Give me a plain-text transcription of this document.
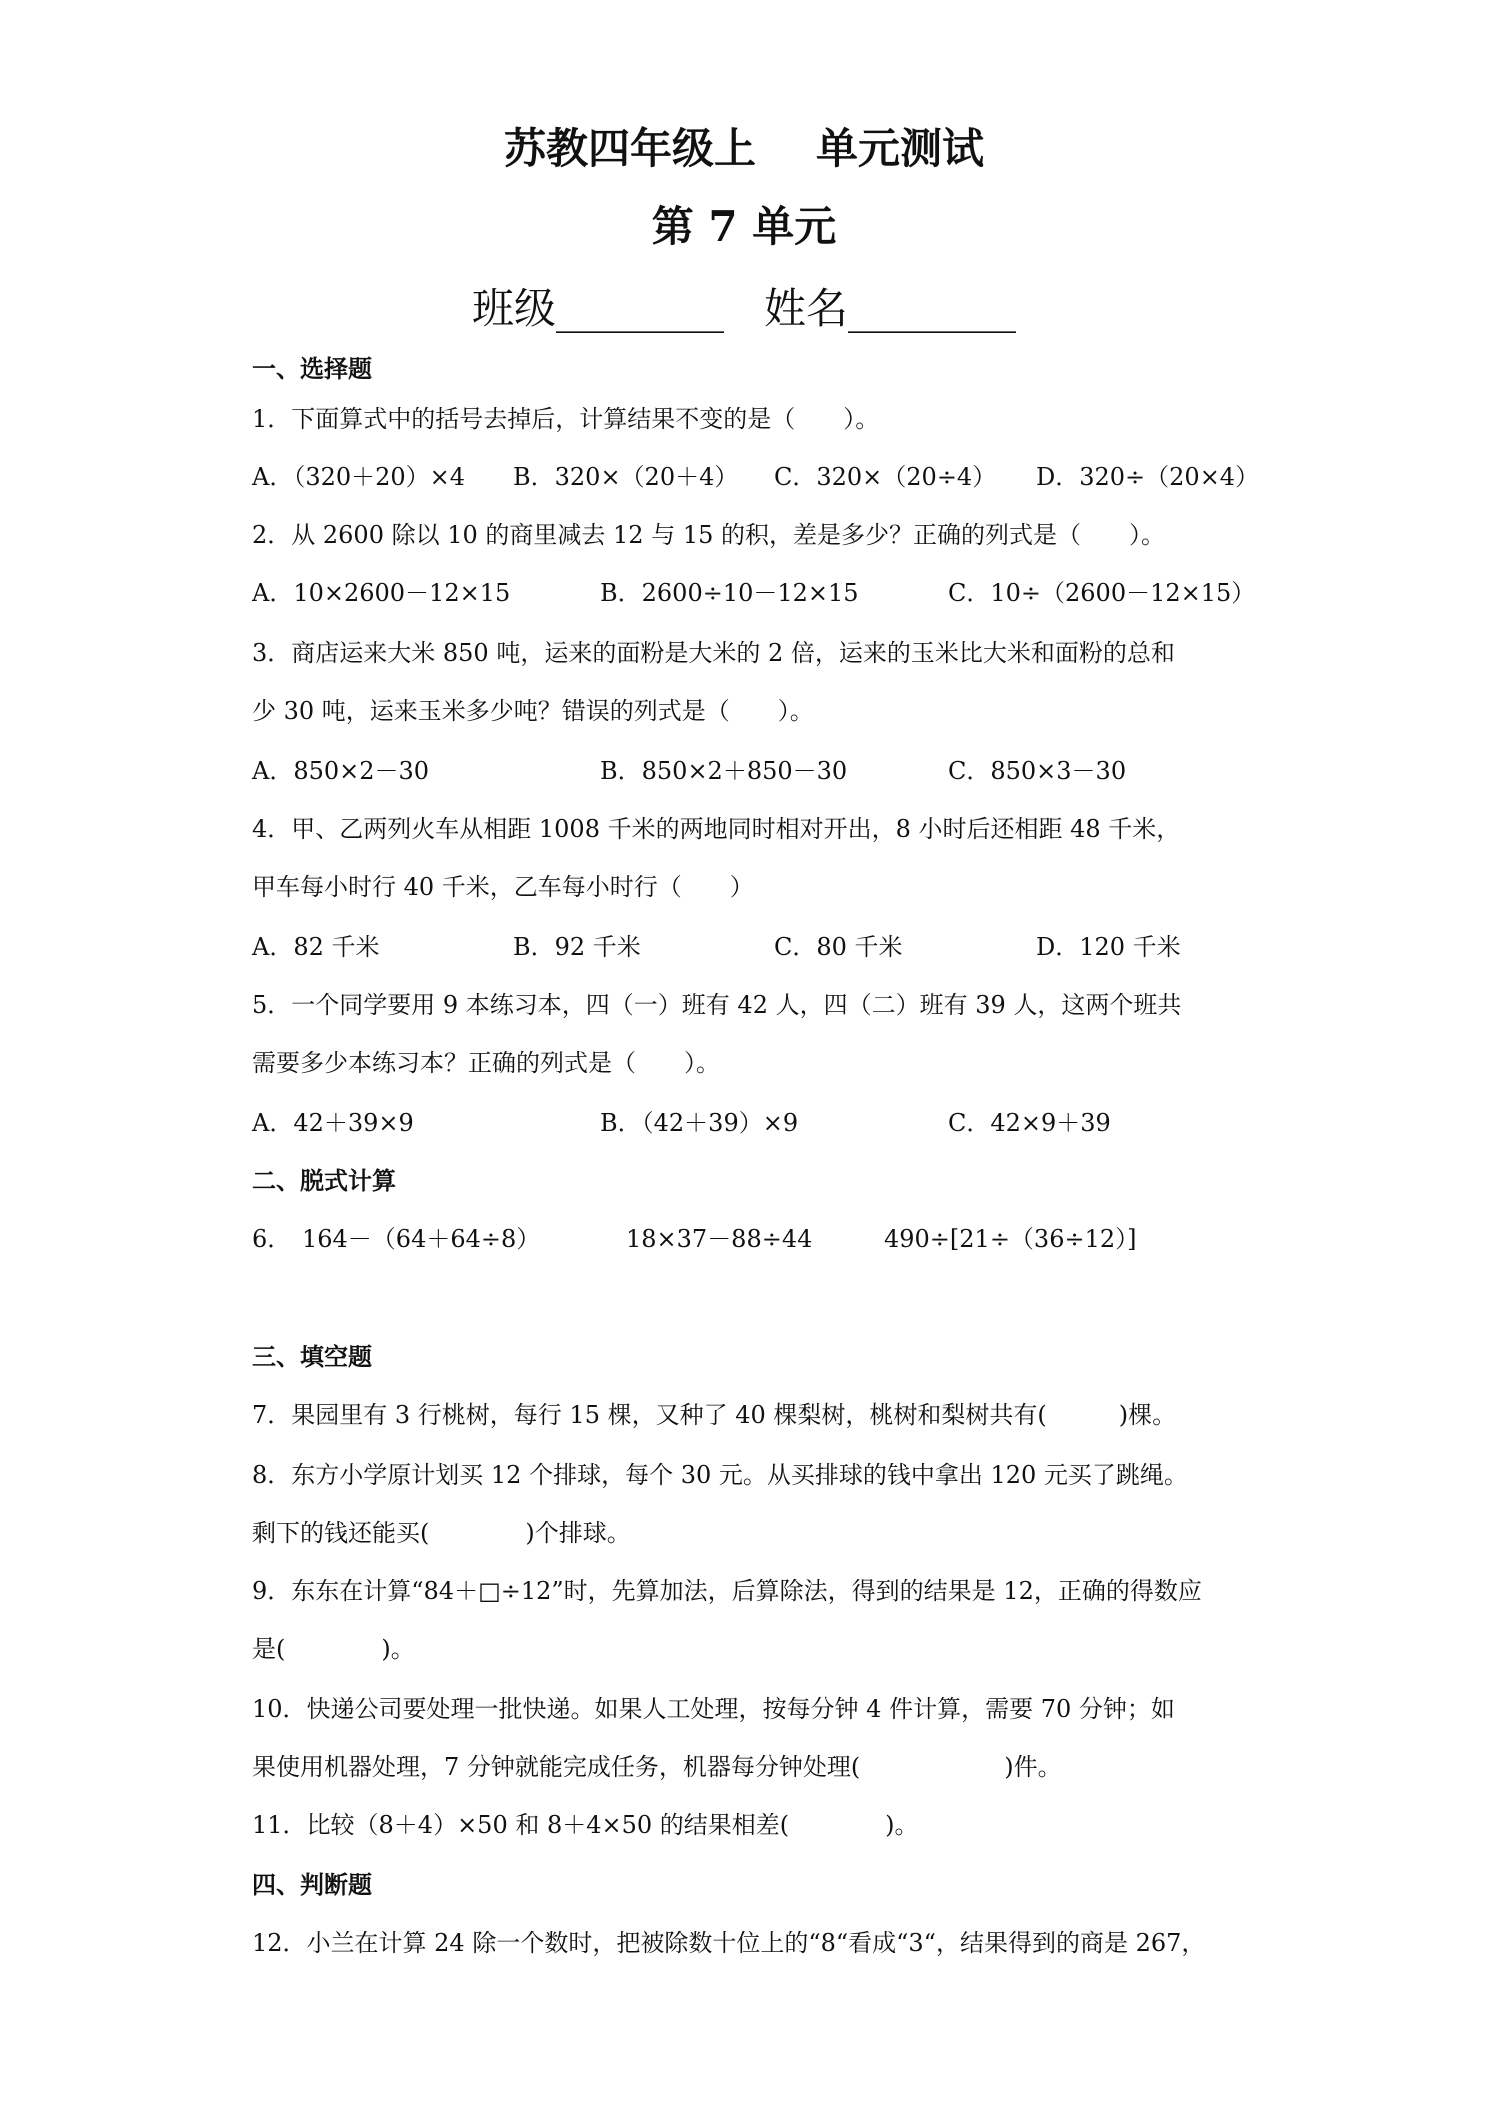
苏教四年级上 单元测试
第 7 单元
班级________ 姓名________
一、选择题
1．下面算式中的括号去掉后，计算结果不变的是（　　）。
A．（320＋20）×4 B．320×（20＋4） C．320×（20÷4） D．320÷（20×4）
2．从 2600 除以 10 的商里减去 12 与 15 的积，差是多少？正确的列式是（　　）。
A．10×2600－12×15	B．2600÷10－12×15	C．10÷（2600－12×15）
3．商店运来大米 850 吨，运来的面粉是大米的 2 倍，运来的玉米比大米和面粉的总和
少 30 吨，运来玉米多少吨？错误的列式是（　　）。
A．850×2－30	B．850×2＋850－30	C．850×3－30
4．甲、乙两列火车从相距 1008 千米的两地同时相对开出，8 小时后还相距 48 千米，
甲车每小时行 40 千米，乙车每小时行（　　）
A．82 千米	B．92 千米	C．80 千米	D．120 千米
5．一个同学要用 9 本练习本，四（一）班有 42 人，四（二）班有 39 人，这两个班共
需要多少本练习本？正确的列式是（　　）。
A．42＋39×9	B．（42＋39）×9	C．42×9＋39
二、脱式计算
6． 164－（64＋64÷8）	18×37－88÷44	490÷[21÷（36÷12）]
三、填空题
7．果园里有 3 行桃树，每行 15 棵，又种了 40 棵梨树，桃树和梨树共有(　　　)棵。
8．东方小学原计划买 12 个排球，每个 30 元。从买排球的钱中拿出 120 元买了跳绳。
剩下的钱还能买(　　　　)个排球。
9．东东在计算“84＋□÷12”时，先算加法，后算除法，得到的结果是 12，正确的得数应
是(　　　　)。
10．快递公司要处理一批快递。如果人工处理，按每分钟 4 件计算，需要 70 分钟；如
果使用机器处理，7 分钟就能完成任务，机器每分钟处理(　　　　　　)件。
11．比较（8＋4）×50 和 8＋4×50 的结果相差(　　　　)。
四、判断题
12．小兰在计算 24 除一个数时，把被除数十位上的“8“看成“3“，结果得到的商是 267，
